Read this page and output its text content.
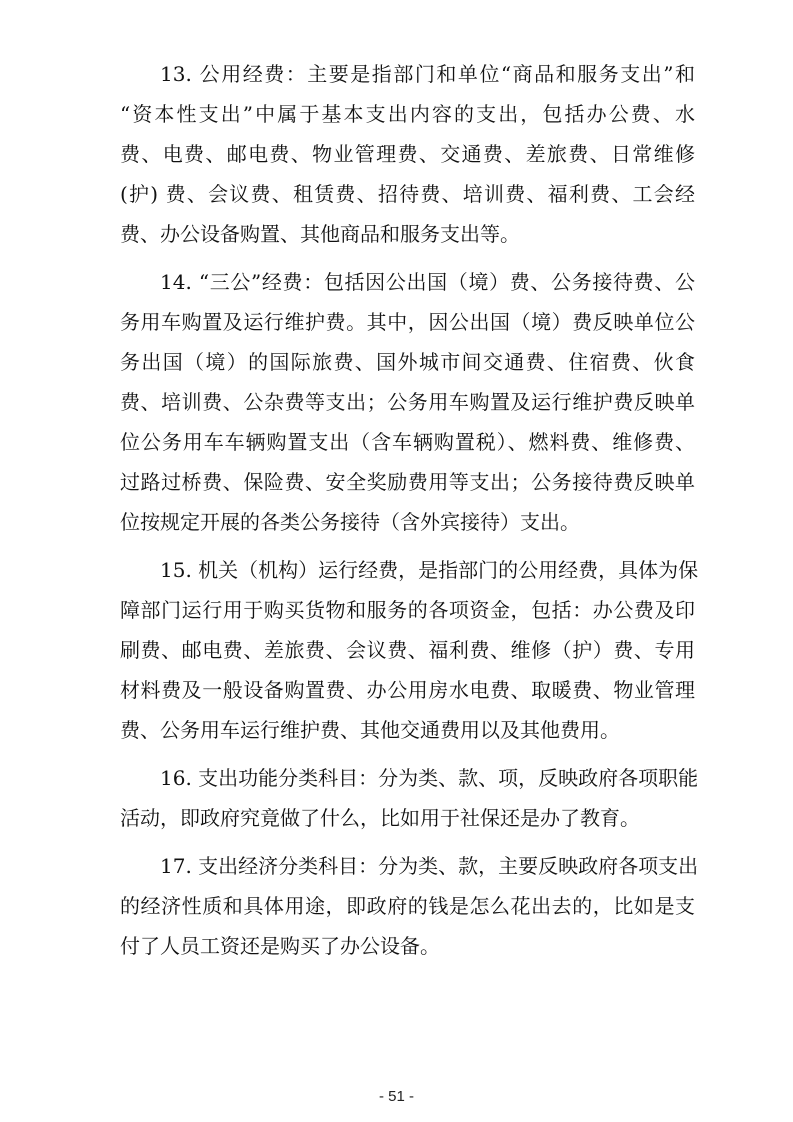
13. 公用经费：主要是指部门和单位“商品和服务支出”和
“资本性支出”中属于基本支出内容的支出，包括办公费、水
费、电费、邮电费、物业管理费、交通费、差旅费、日常维修
(护) 费、会议费、租赁费、招待费、培训费、福利费、工会经
费、办公设备购置、其他商品和服务支出等。
14. “三公”经费：包括因公出国（境）费、公务接待费、公
务用车购置及运行维护费。其中，因公出国（境）费反映单位公
务出国（境）的国际旅费、国外城市间交通费、住宿费、伙食
费、培训费、公杂费等支出；公务用车购置及运行维护费反映单
位公务用车车辆购置支出（含车辆购置税）、燃料费、维修费、
过路过桥费、保险费、安全奖励费用等支出；公务接待费反映单
位按规定开展的各类公务接待（含外宾接待）支出。
15. 机关（机构）运行经费，是指部门的公用经费，具体为保
障部门运行用于购买货物和服务的各项资金，包括：办公费及印
刷费、邮电费、差旅费、会议费、福利费、维修（护）费、专用
材料费及一般设备购置费、办公用房水电费、取暖费、物业管理
费、公务用车运行维护费、其他交通费用以及其他费用。
16. 支出功能分类科目：分为类、款、项，反映政府各项职能
活动，即政府究竟做了什么，比如用于社保还是办了教育。
17. 支出经济分类科目：分为类、款，主要反映政府各项支出
的经济性质和具体用途，即政府的钱是怎么花出去的，比如是支
付了人员工资还是购买了办公设备。
- 51 -
